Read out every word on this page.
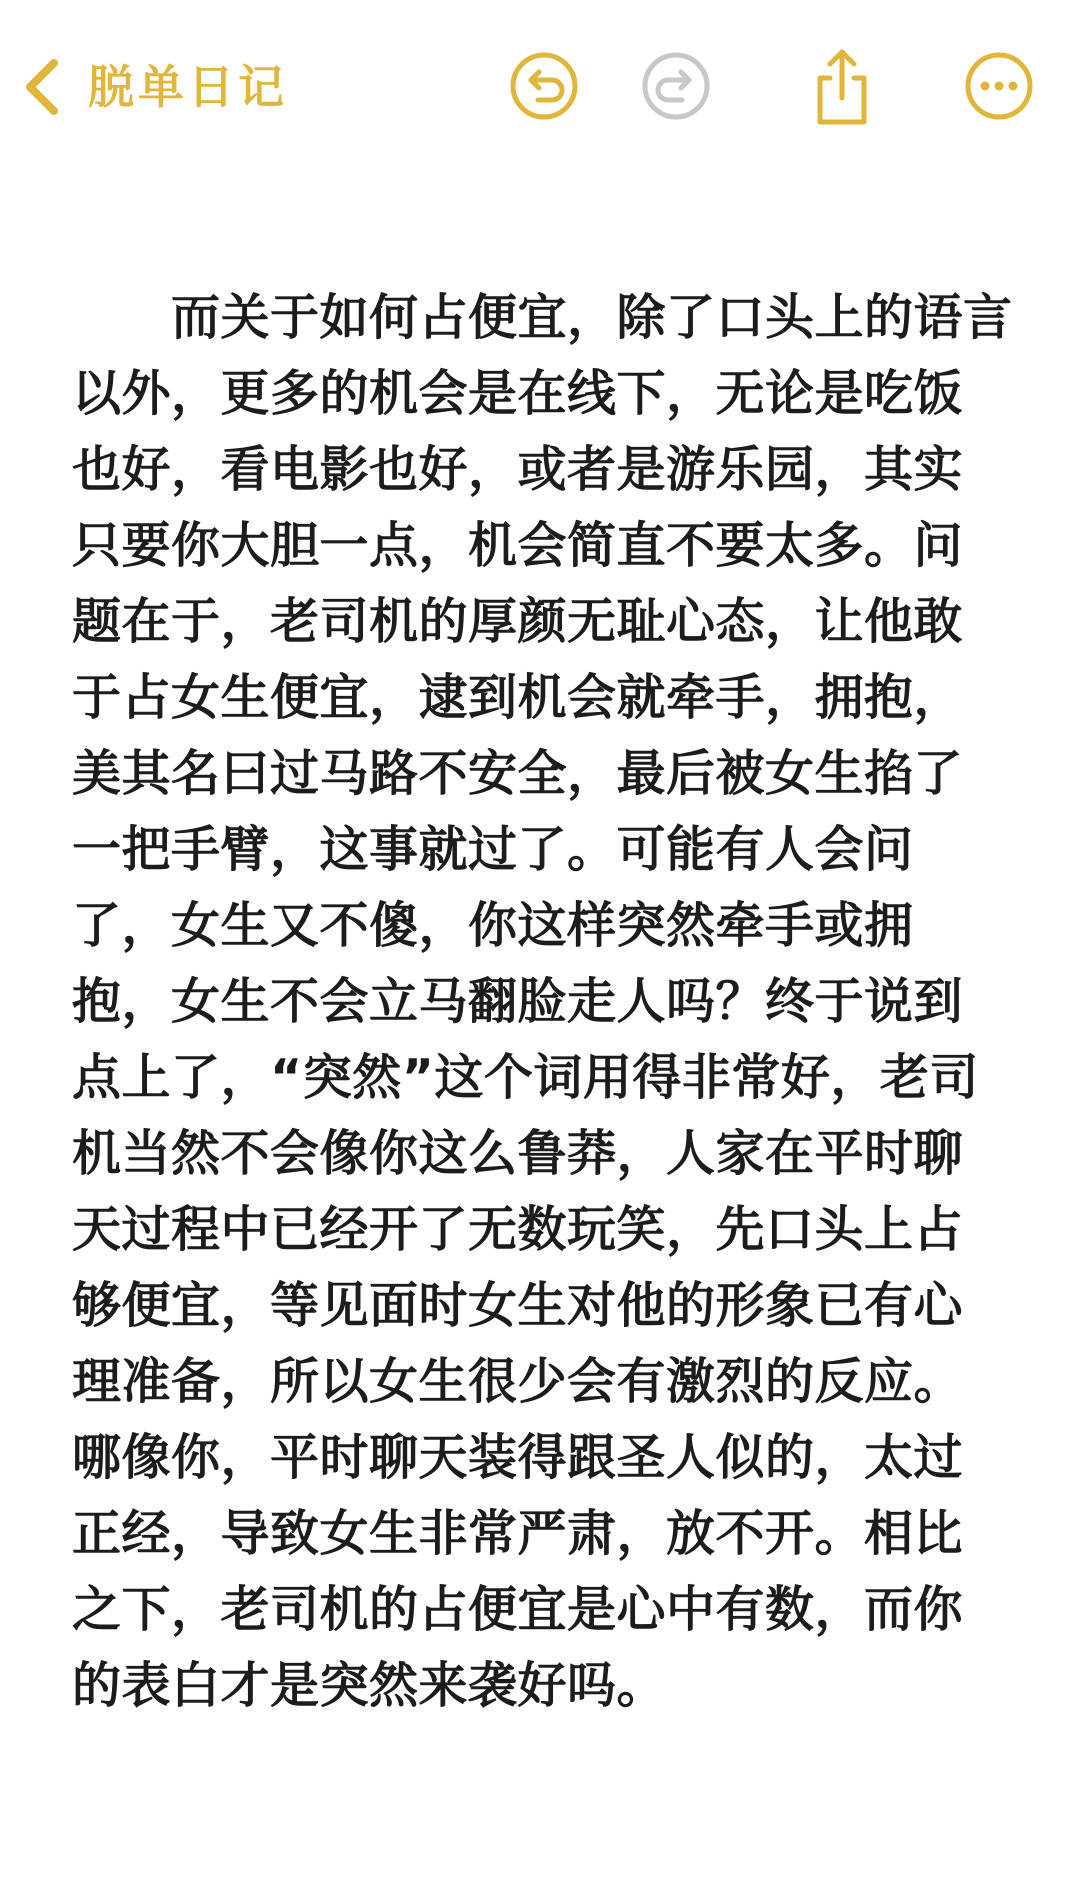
脱单日记
　　而关于如何占便宜，除了口头上的语言
以外，更多的机会是在线下，无论是吃饭
也好，看电影也好，或者是游乐园，其实
只要你大胆一点，机会简直不要太多。问
题在于，老司机的厚颜无耻心态，让他敢
于占女生便宜，逮到机会就牵手，拥抱，
美其名曰过马路不安全，最后被女生掐了
一把手臂，这事就过了。可能有人会问
了，女生又不傻，你这样突然牵手或拥
抱，女生不会立马翻脸走人吗？终于说到
点上了，“突然”这个词用得非常好，老司
机当然不会像你这么鲁莽，人家在平时聊
天过程中已经开了无数玩笑，先口头上占
够便宜，等见面时女生对他的形象已有心
理准备，所以女生很少会有激烈的反应。
哪像你，平时聊天装得跟圣人似的，太过
正经，导致女生非常严肃，放不开。相比
之下，老司机的占便宜是心中有数，而你
的表白才是突然来袭好吗。
